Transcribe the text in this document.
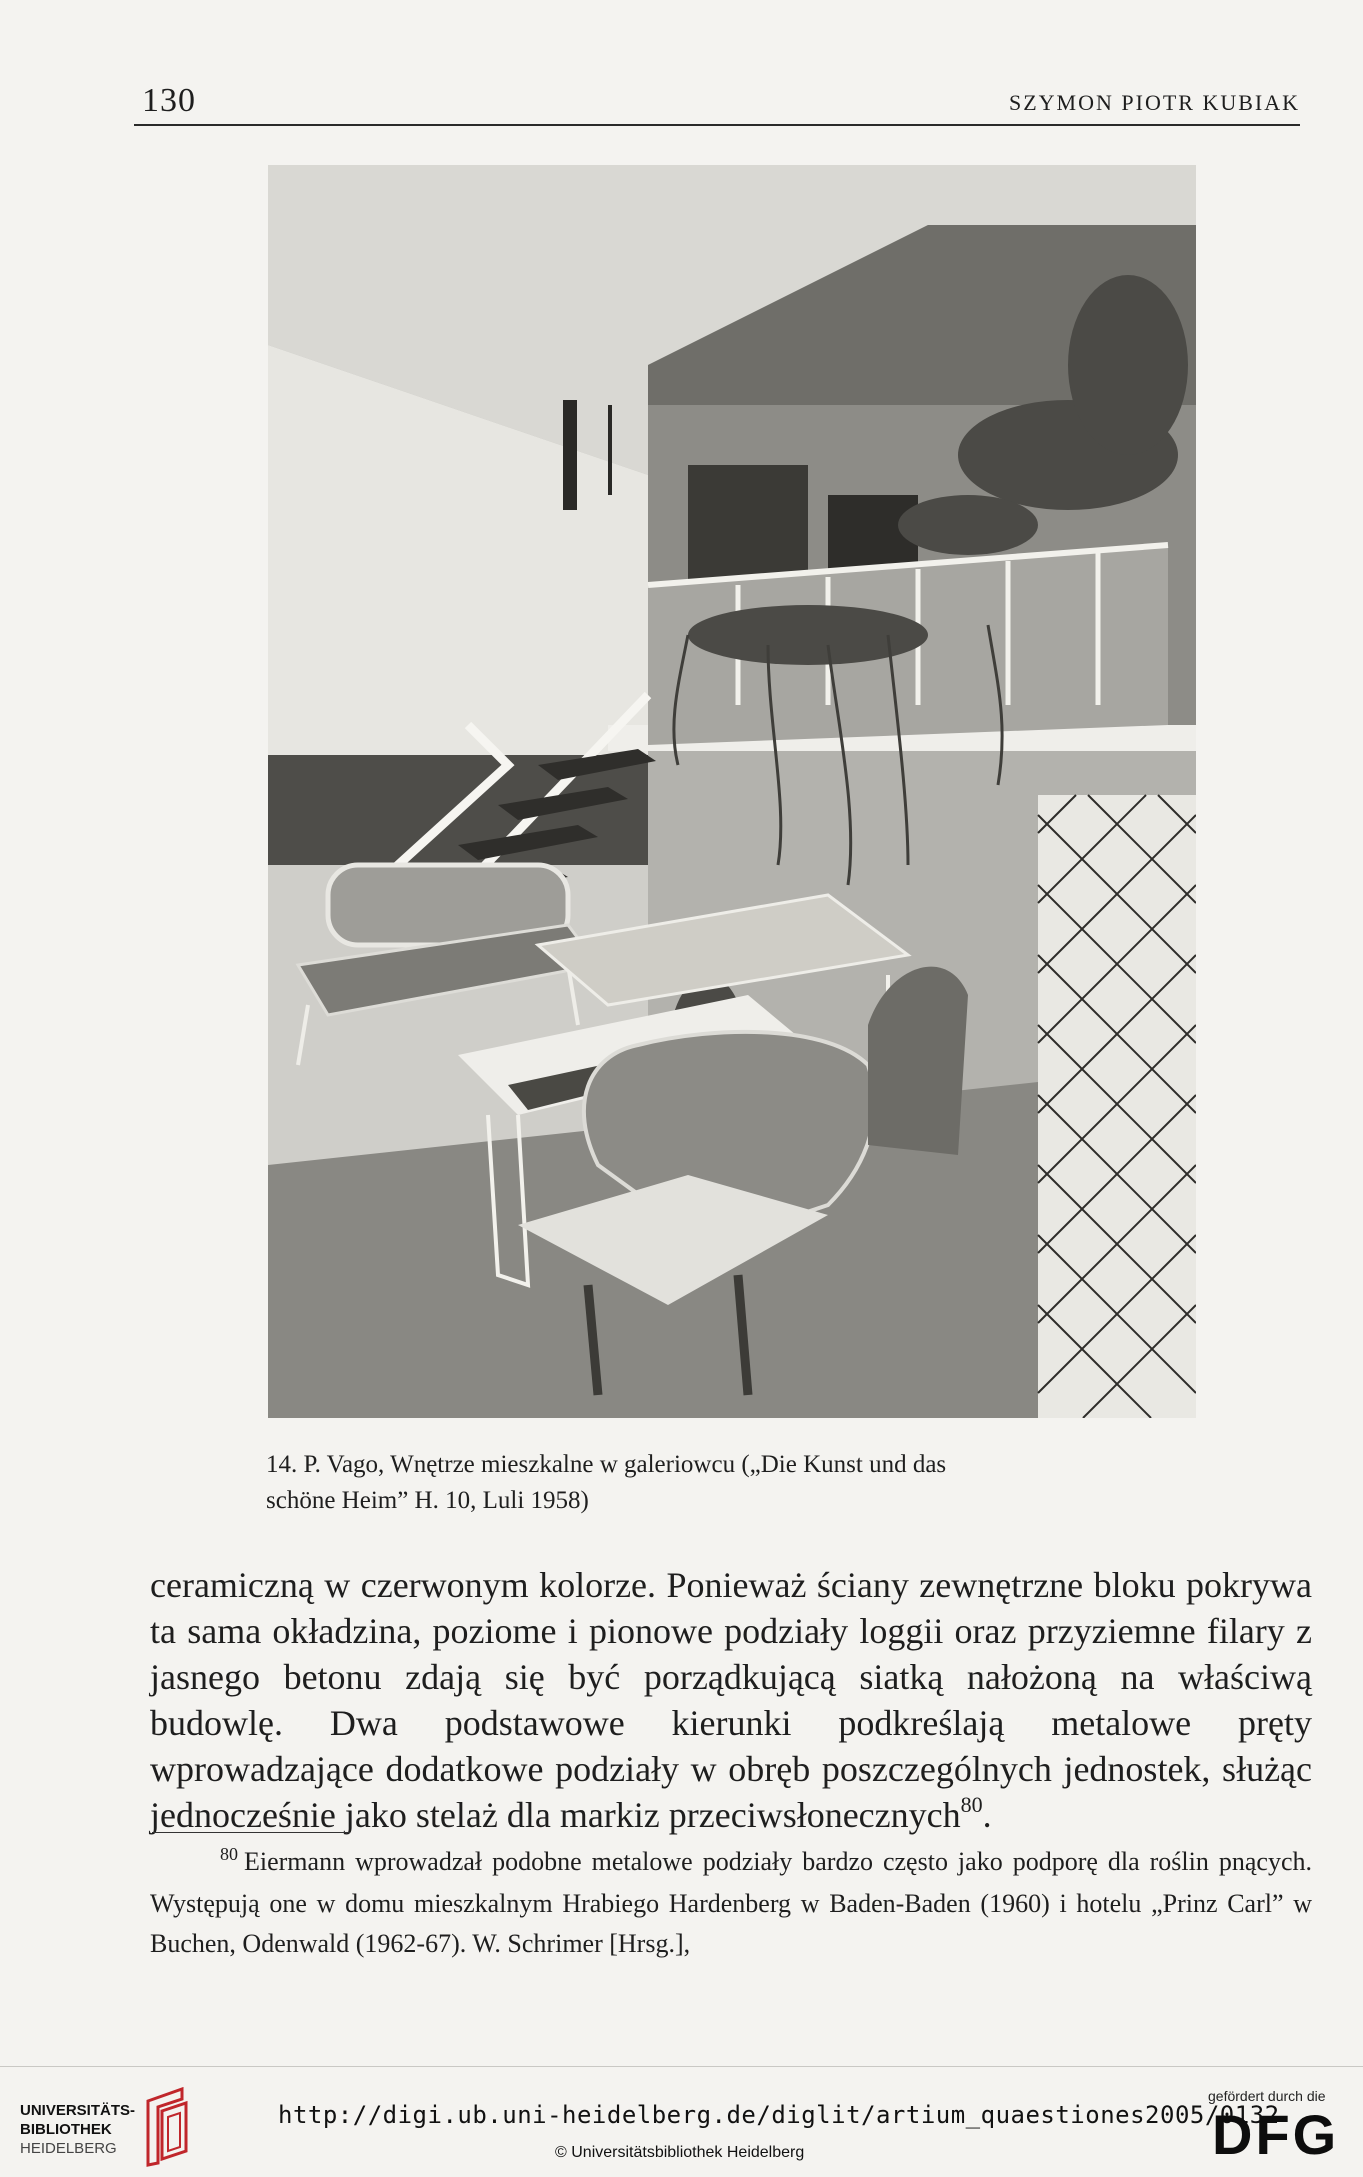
130	SZYMON PIOTR KUBIAK
14. P. Vago, Wnętrze mieszkalne w galeriowcu („Die Kunst und das
schöne Heim” H. 10, Luli 1958)
ceramiczną w czerwonym kolorze. Ponieważ ściany zewnętrzne bloku pokrywa ta sama okładzina, poziome i pionowe podziały loggii oraz przyziemne filary z jasnego betonu zdają się być porządkującą siatką nałożoną na właściwą budowlę. Dwa podstawowe kierunki podkreślają metalowe pręty wprowadzające dodatkowe podziały w obręb poszczególnych jednostek, służąc jednocześnie jako stelaż dla markiz przeciwsłonecznych$^{80}$.
$^{80}$ Eiermann wprowadzał podobne metalowe podziały bardzo często jako podporę dla roślin pnących. Występują one w domu mieszkalnym Hrabiego Hardenberg w Baden-Baden (1960) i hotelu „Prinz Carl” w Buchen, Odenwald (1962-67). W. Schrimer [Hrsg.],
UNIVERSITÄTS-
BIBLIOTHEK
HEIDELBERG
http://digi.ub.uni-heidelberg.de/diglit/artium_quaestiones2005/0132
© Universitätsbibliothek Heidelberg
gefördert durch die
DFG
